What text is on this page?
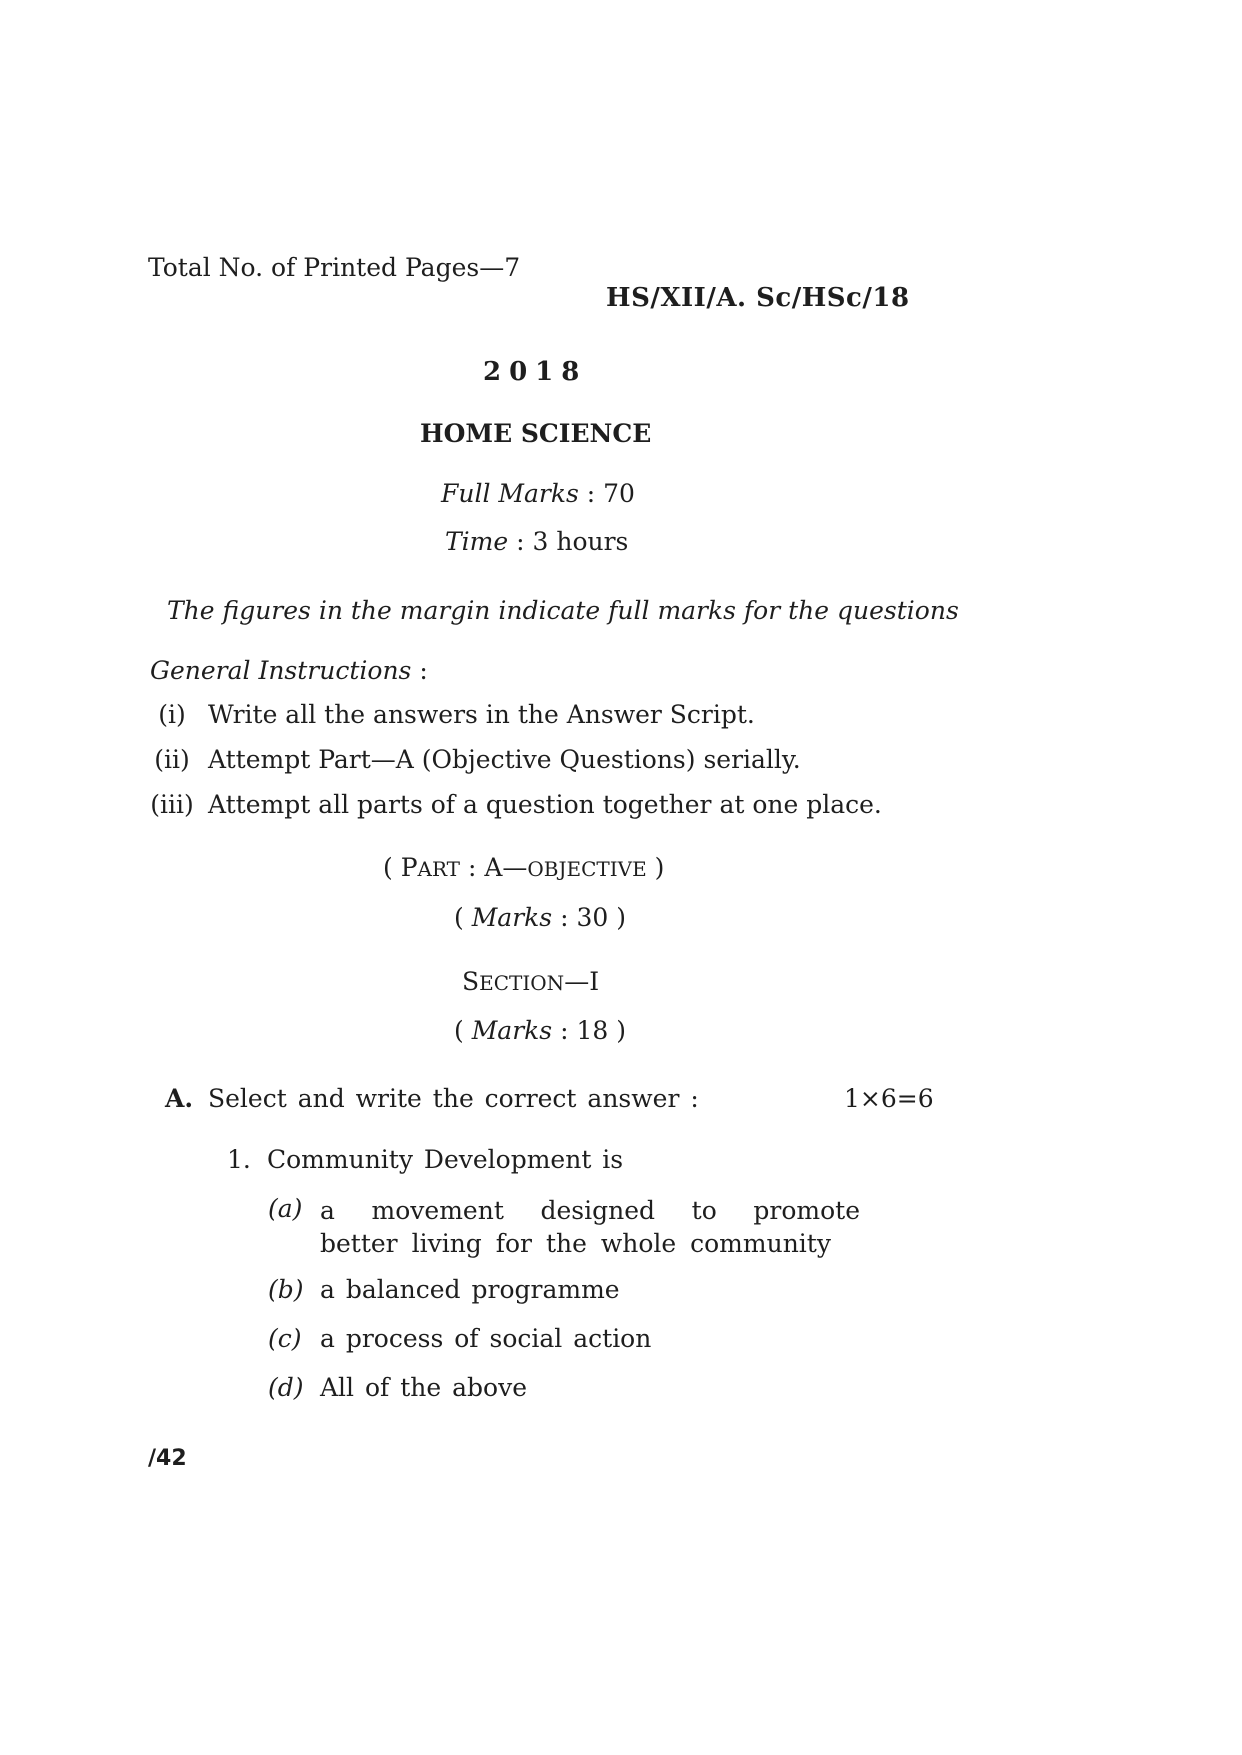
Total No. of Printed Pages—7
HS/XII/A. Sc/HSc/18
2018
HOME SCIENCE
Full Marks : 70
Time : 3 hours
The figures in the margin indicate full marks for the questions
General Instructions :
(i) Write all the answers in the Answer Script.
(ii) Attempt Part—A (Objective Questions) serially.
(iii) Attempt all parts of a question together at one place.
( PART : A—OBJECTIVE )
( Marks : 30 )
SECTION—I
( Marks : 18 )
A. Select and write the correct answer :	1×6=6
1. Community Development is
(a) a movement designed to promote better living for the whole community
(b) a balanced programme
(c) a process of social action
(d) All of the above
/42
